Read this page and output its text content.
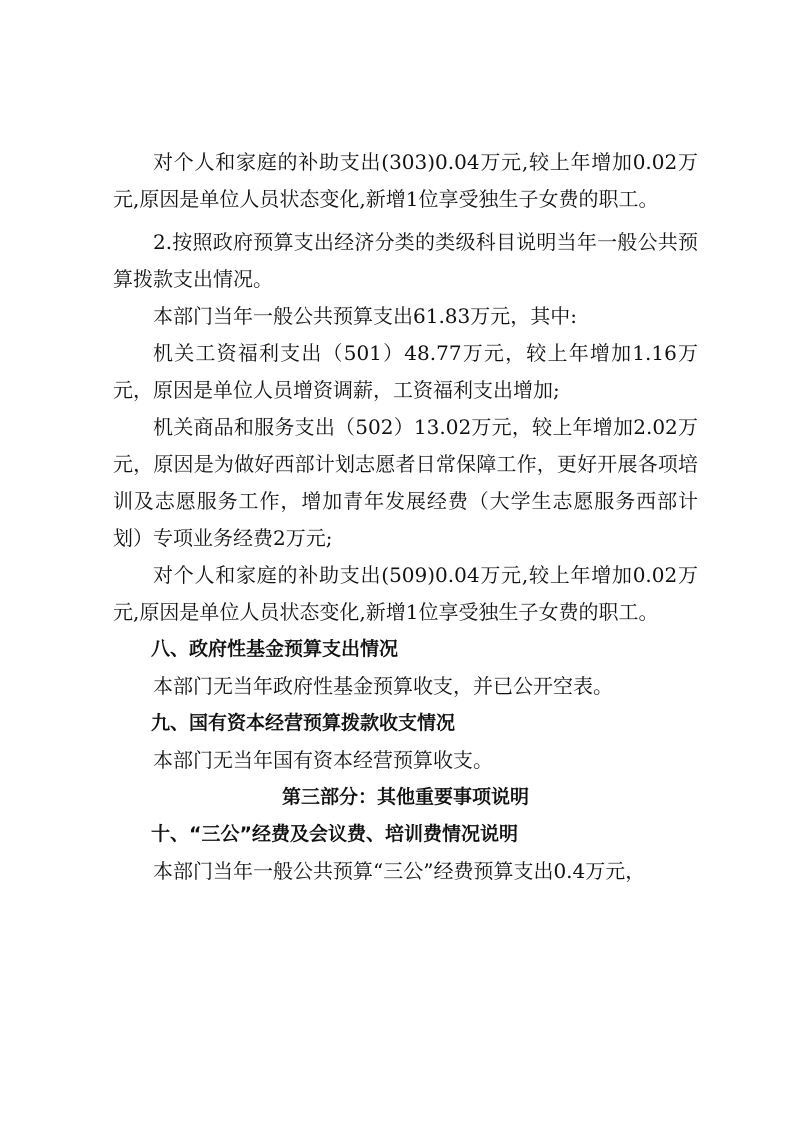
对个人和家庭的补助支出(303)0.04万元,较上年增加0.02万元,原因是单位人员状态变化,新增1位享受独生子女费的职工。

2.按照政府预算支出经济分类的类级科目说明当年一般公共预算拨款支出情况。

本部门当年一般公共预算支出61.83万元，其中:

机关工资福利支出（501）48.77万元，较上年增加1.16万元，原因是单位人员增资调薪，工资福利支出增加;

机关商品和服务支出（502）13.02万元，较上年增加2.02万元，原因是为做好西部计划志愿者日常保障工作，更好开展各项培训及志愿服务工作，增加青年发展经费（大学生志愿服务西部计划）专项业务经费2万元;

对个人和家庭的补助支出(509)0.04万元,较上年增加0.02万元,原因是单位人员状态变化,新增1位享受独生子女费的职工。

八、政府性基金预算支出情况

本部门无当年政府性基金预算收支，并已公开空表。

九、国有资本经营预算拨款收支情况

本部门无当年国有资本经营预算收支。

第三部分：其他重要事项说明

十、“三公”经费及会议费、培训费情况说明

本部门当年一般公共预算“三公”经费预算支出0.4万元，
